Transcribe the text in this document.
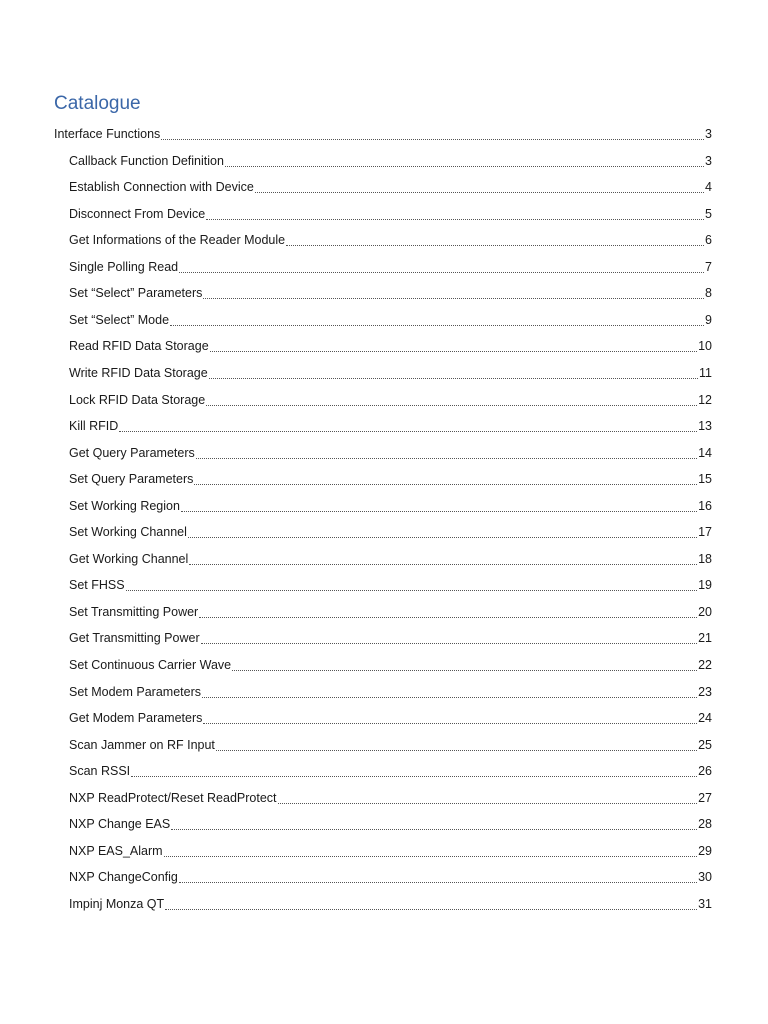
Catalogue
Interface Functions	3
Callback Function Definition	3
Establish Connection with Device	4
Disconnect From Device	5
Get Informations of the Reader Module	6
Single Polling Read	7
Set “Select” Parameters	8
Set “Select” Mode	9
Read RFID Data Storage	10
Write RFID Data Storage	11
Lock RFID Data Storage	12
Kill RFID	13
Get Query Parameters	14
Set Query Parameters	15
Set Working Region	16
Set Working Channel	17
Get Working Channel	18
Set FHSS	19
Set Transmitting Power	20
Get Transmitting Power	21
Set Continuous Carrier Wave	22
Set Modem Parameters	23
Get Modem Parameters	24
Scan Jammer on RF Input	25
Scan RSSI	26
NXP ReadProtect/Reset ReadProtect	27
NXP Change EAS	28
NXP EAS_Alarm	29
NXP ChangeConfig	30
Impinj Monza QT	31
